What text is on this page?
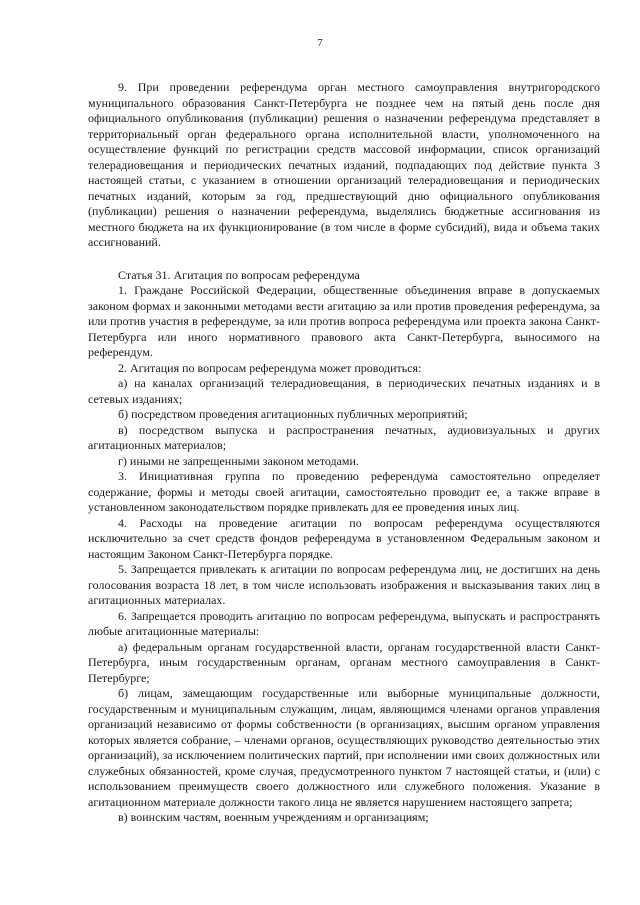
7

9. При проведении референдума орган местного самоуправления внутригородского муниципального образования Санкт-Петербурга не позднее чем на пятый день после дня официального опубликования (публикации) решения о назначении референдума представляет в территориальный орган федерального органа исполнительной власти, уполномоченного на осуществление функций по регистрации средств массовой информации, список организаций телерадиовещания и периодических печатных изданий, подпадающих под действие пункта 3 настоящей статьи, с указанием в отношении организаций телерадиовещания и периодических печатных изданий, которым за год, предшествующий дню официального опубликования (публикации) решения о назначении референдума, выделялись бюджетные ассигнования из местного бюджета на их функционирование (в том числе в форме субсидий), вида и объема таких ассигнований.

Статья 31. Агитация по вопросам референдума

1. Граждане Российской Федерации, общественные объединения вправе в допускаемых законом формах и законными методами вести агитацию за или против проведения референдума, за или против участия в референдуме, за или против вопроса референдума или проекта закона Санкт-Петербурга или иного нормативного правового акта Санкт-Петербурга, выносимого на референдум.

2. Агитация по вопросам референдума может проводиться:

а) на каналах организаций телерадиовещания, в периодических печатных изданиях и в сетевых изданиях;

б) посредством проведения агитационных публичных мероприятий;

в) посредством выпуска и распространения печатных, аудиовизуальных и других агитационных материалов;

г) иными не запрещенными законом методами.

3. Инициативная группа по проведению референдума самостоятельно определяет содержание, формы и методы своей агитации, самостоятельно проводит ее, а также вправе в установленном законодательством порядке привлекать для ее проведения иных лиц.

4. Расходы на проведение агитации по вопросам референдума осуществляются исключительно за счет средств фондов референдума в установленном Федеральным законом и настоящим Законом Санкт-Петербурга порядке.

5. Запрещается привлекать к агитации по вопросам референдума лиц, не достигших на день голосования возраста 18 лет, в том числе использовать изображения и высказывания таких лиц в агитационных материалах.

6. Запрещается проводить агитацию по вопросам референдума, выпускать и распространять любые агитационные материалы:

а) федеральным органам государственной власти, органам государственной власти Санкт-Петербурга, иным государственным органам, органам местного самоуправления в Санкт-Петербурге;

б) лицам, замещающим государственные или выборные муниципальные должности, государственным и муниципальным служащим, лицам, являющимся членами органов управления организаций независимо от формы собственности (в организациях, высшим органом управления которых является собрание, – членами органов, осуществляющих руководство деятельностью этих организаций), за исключением политических партий, при исполнении ими своих должностных или служебных обязанностей, кроме случая, предусмотренного пунктом 7 настоящей статьи, и (или) с использованием преимуществ своего должностного или служебного положения. Указание в агитационном материале должности такого лица не является нарушением настоящего запрета;

в) воинским частям, военным учреждениям и организациям;
